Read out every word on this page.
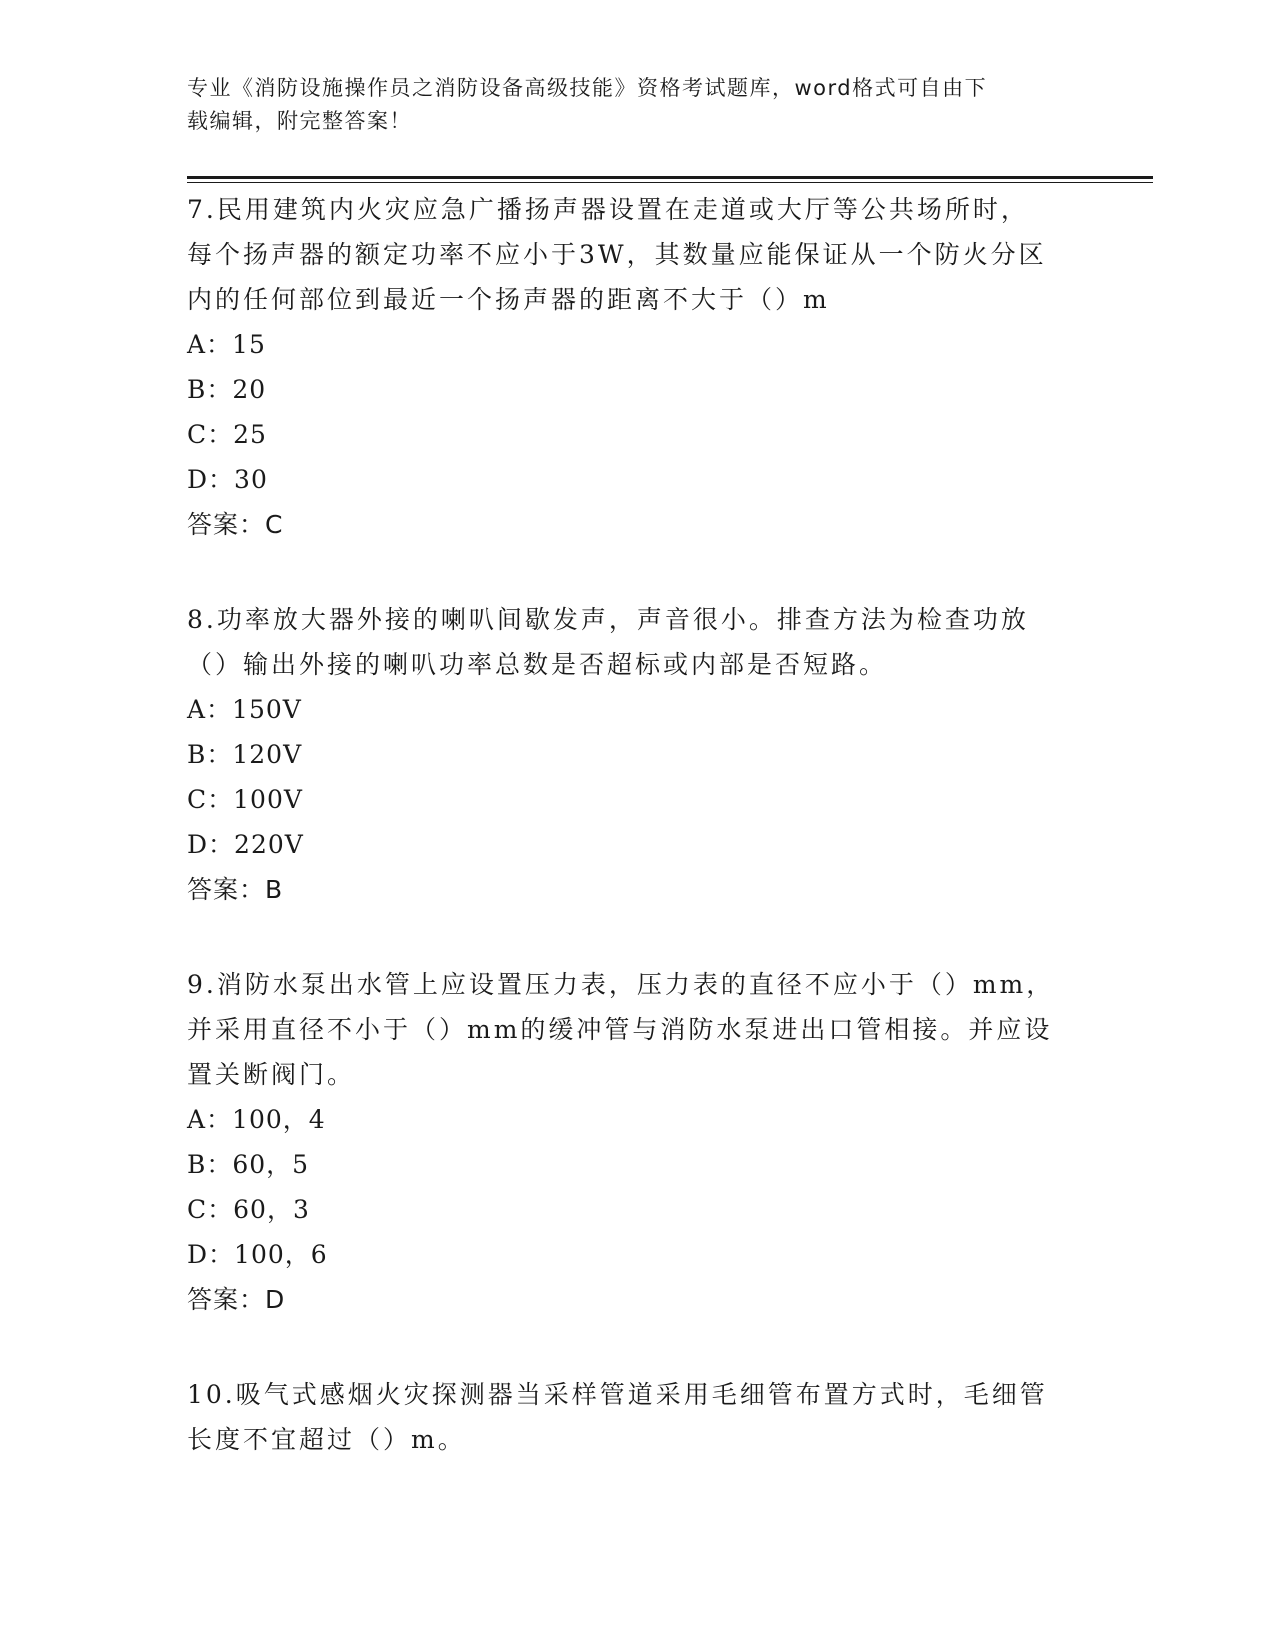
专业《消防设施操作员之消防设备高级技能》资格考试题库，word格式可自由下
载编辑，附完整答案！

7.民用建筑内火灾应急广播扬声器设置在走道或大厅等公共场所时，

每个扬声器的额定功率不应小于3W，其数量应能保证从一个防火分区

内的任何部位到最近一个扬声器的距离不大于（）m

A：15

B：20

C：25

D：30

答案：C

8.功率放大器外接的喇叭间歇发声，声音很小。排查方法为检查功放

（）输出外接的喇叭功率总数是否超标或内部是否短路。

A：150V

B：120V

C：100V

D：220V

答案：B

9.消防水泵出水管上应设置压力表，压力表的直径不应小于（）mm，

并采用直径不小于（）mm的缓冲管与消防水泵进出口管相接。并应设

置关断阀门。

A：100，4

B：60，5

C：60，3

D：100，6

答案：D

10.吸气式感烟火灾探测器当采样管道采用毛细管布置方式时，毛细管

长度不宜超过（）m。
